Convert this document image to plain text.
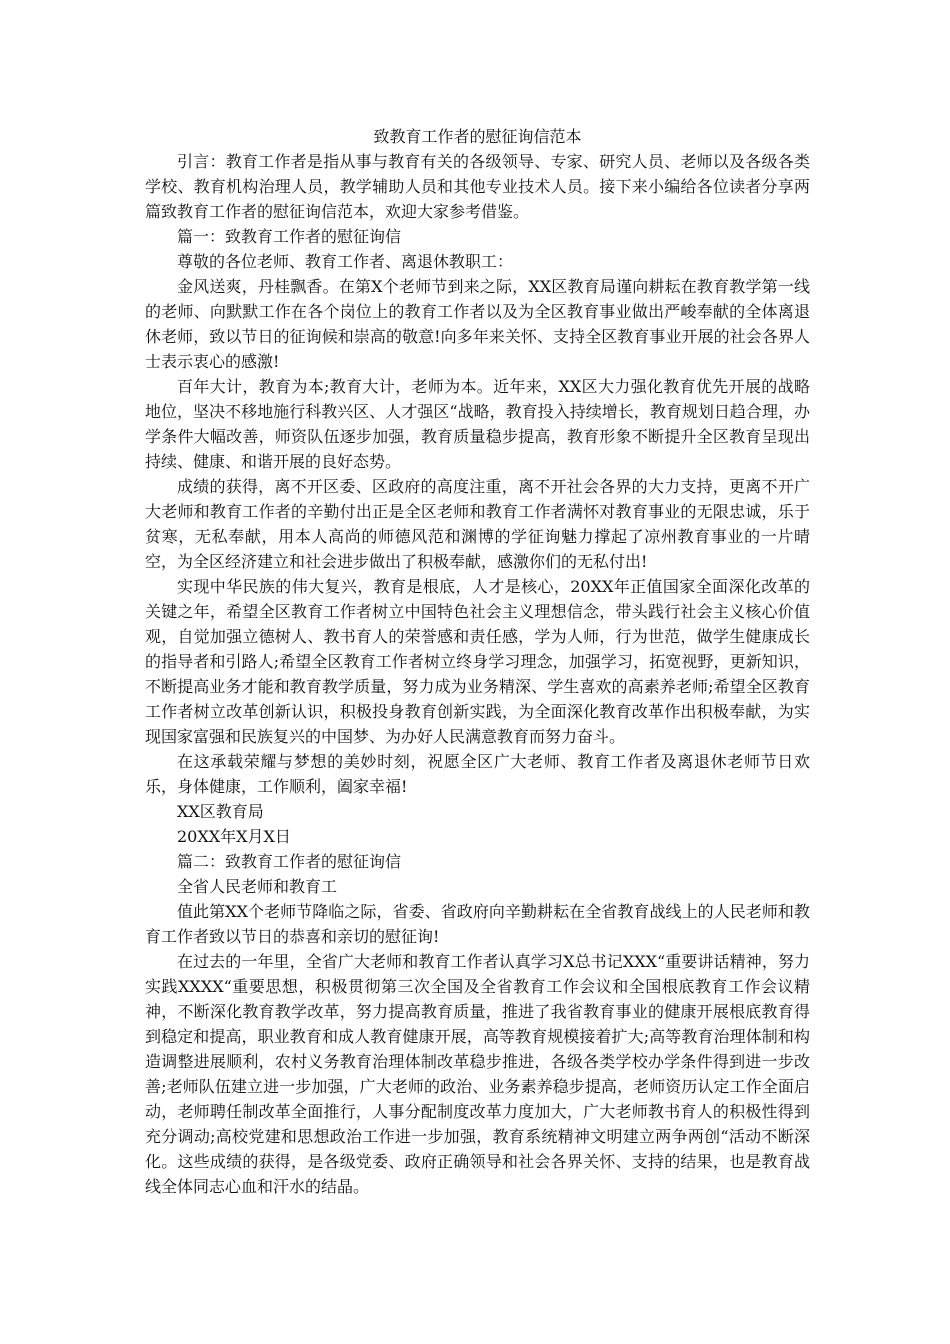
致教育工作者的慰征询信范本

引言：教育工作者是指从事与教育有关的各级领导、专家、研究人员、老师以及各级各类学校、教育机构治理人员，教学辅助人员和其他专业技术人员。接下来小编给各位读者分享两篇致教育工作者的慰征询信范本，欢迎大家参考借鉴。

篇一：致教育工作者的慰征询信

尊敬的各位老师、教育工作者、离退休教职工：

金风送爽，丹桂飘香。在第X个老师节到来之际，XX区教育局谨向耕耘在教育教学第一线的老师、向默默工作在各个岗位上的教育工作者以及为全区教育事业做出严峻奉献的全体离退休老师，致以节日的征询候和崇高的敬意!向多年来关怀、支持全区教育事业开展的社会各界人士表示衷心的感激!

百年大计，教育为本;教育大计，老师为本。近年来，XX区大力强化教育优先开展的战略地位，坚决不移地施行科教兴区、人才强区“战略，教育投入持续增长，教育规划日趋合理，办学条件大幅改善，师资队伍逐步加强，教育质量稳步提高，教育形象不断提升全区教育呈现出持续、健康、和谐开展的良好态势。

成绩的获得，离不开区委、区政府的高度注重，离不开社会各界的大力支持，更离不开广大老师和教育工作者的辛勤付出正是全区老师和教育工作者满怀对教育事业的无限忠诚，乐于贫寒，无私奉献，用本人高尚的师德风范和渊博的学征询魅力撑起了凉州教育事业的一片晴空，为全区经济建立和社会进步做出了积极奉献，感激你们的无私付出!

实现中华民族的伟大复兴，教育是根底，人才是核心，20XX年正值国家全面深化改革的关键之年，希望全区教育工作者树立中国特色社会主义理想信念，带头践行社会主义核心价值观，自觉加强立德树人、教书育人的荣誉感和责任感，学为人师，行为世范，做学生健康成长的指导者和引路人;希望全区教育工作者树立终身学习理念，加强学习，拓宽视野，更新知识，不断提高业务才能和教育教学质量，努力成为业务精深、学生喜欢的高素养老师;希望全区教育工作者树立改革创新认识，积极投身教育创新实践，为全面深化教育改革作出积极奉献，为实现国家富强和民族复兴的中国梦、为办好人民满意教育而努力奋斗。

在这承载荣耀与梦想的美妙时刻，祝愿全区广大老师、教育工作者及离退休老师节日欢乐，身体健康，工作顺利，阖家幸福!

XX区教育局

20XX年X月X日

篇二：致教育工作者的慰征询信

全省人民老师和教育工

值此第XX个老师节降临之际，省委、省政府向辛勤耕耘在全省教育战线上的人民老师和教育工作者致以节日的恭喜和亲切的慰征询!

在过去的一年里，全省广大老师和教育工作者认真学习X总书记XXX“重要讲话精神，努力实践XXXX“重要思想，积极贯彻第三次全国及全省教育工作会议和全国根底教育工作会议精神，不断深化教育教学改革，努力提高教育质量，推进了我省教育事业的健康开展根底教育得到稳定和提高，职业教育和成人教育健康开展，高等教育规模接着扩大;高等教育治理体制和构造调整进展顺利，农村义务教育治理体制改革稳步推进，各级各类学校办学条件得到进一步改善;老师队伍建立进一步加强，广大老师的政治、业务素养稳步提高，老师资历认定工作全面启动，老师聘任制改革全面推行，人事分配制度改革力度加大，广大老师教书育人的积极性得到充分调动;高校党建和思想政治工作进一步加强，教育系统精神文明建立两争两创“活动不断深化。这些成绩的获得，是各级党委、政府正确领导和社会各界关怀、支持的结果，也是教育战线全体同志心血和汗水的结晶。
